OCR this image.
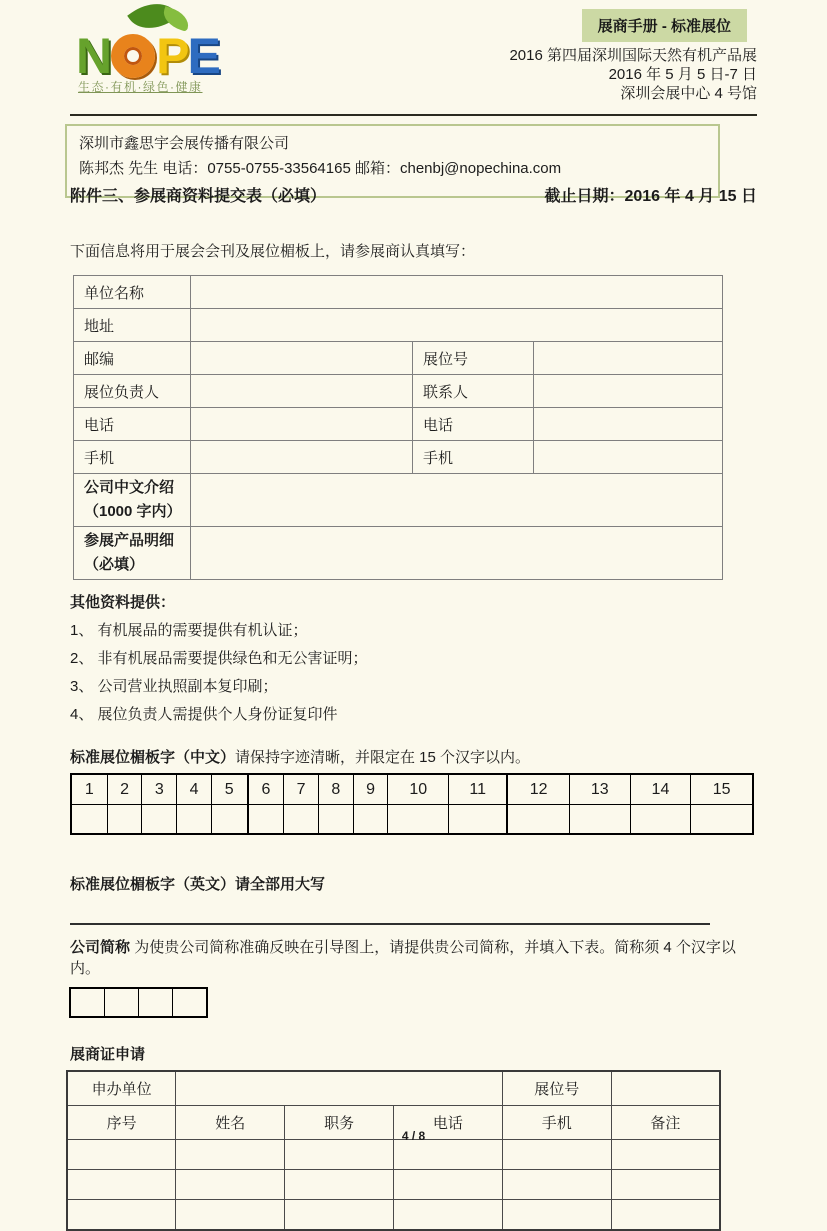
N P E
生态·有机·绿色·健康
展商手册 - 标准展位
2016 第四届深圳国际天然有机产品展
2016 年 5 月 5 日-7 日
深圳会展中心 4 号馆
深圳市鑫思宇会展传播有限公司
陈邦杰 先生 电话：0755-0755-33564165 邮箱：chenbj@nopechina.com
附件三、参展商资料提交表（必填）	截止日期：2016 年 4 月 15 日
下面信息将用于展会会刊及展位楣板上，请参展商认真填写：
单位名称			
地址			
邮编		展位号	
展位负责人		联系人	
电话		电话	
手机		手机	
公司中文介绍（1000 字内）			
参展产品明细（必填）			
其他资料提供：
1、 有机展品的需要提供有机认证；
2、 非有机展品需要提供绿色和无公害证明；
3、 公司营业执照副本复印刷；
4、 展位负责人需提供个人身份证复印件
标准展位楣板字（中文）请保持字迹清晰，并限定在 15 个汉字以内。
1	2	3	4	5	6	7	8	9	10	11	12	13	14	15

标准展位楣板字（英文）请全部用大写
公司简称 为使贵公司简称准确反映在引导图上，请提供贵公司简称，并填入下表。简称须 4 个汉字以内。

展商证申请
申办单位				展位号	
序号	姓名	职务	电话	手机	备注

4 / 8
